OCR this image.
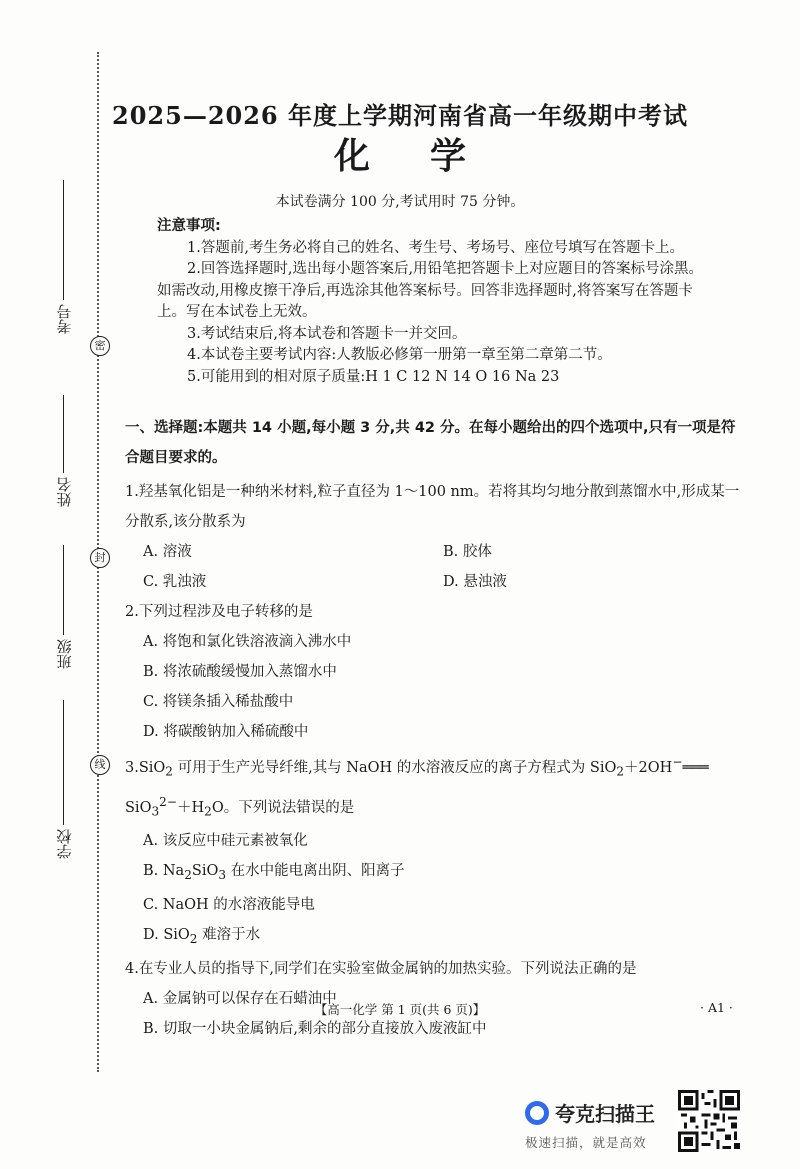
考号
姓名
班级
学校
密
封
线
2025—2026 年度上学期河南省高一年级期中考试
化学
本试卷满分 100 分,考试用时 75 分钟。

注意事项:

1.答题前,考生务必将自己的姓名、考生号、考场号、座位号填写在答题卡上。

2.回答选择题时,选出每小题答案后,用铅笔把答题卡上对应题目的答案标号涂黑。如需改动,用橡皮擦干净后,再选涂其他答案标号。回答非选择题时,将答案写在答题卡上。写在本试卷上无效。

3.考试结束后,将本试卷和答题卡一并交回。

4.本试卷主要考试内容:人教版必修第一册第一章至第二章第二节。

5.可能用到的相对原子质量:H 1 C 12 N 14 O 16 Na 23

一、选择题:本题共 14 小题,每小题 3 分,共 42 分。在每小题给出的四个选项中,只有一项是符合题目要求的。

1.羟基氧化铝是一种纳米材料,粒子直径为 1～100 nm。若将其均匀地分散到蒸馏水中,形成某一分散系,该分散系为

A. 溶液	B. 胶体
C. 乳浊液	D. 悬浊液

2.下列过程涉及电子转移的是

A. 将饱和氯化铁溶液滴入沸水中

B. 将浓硫酸缓慢加入蒸馏水中

C. 将镁条插入稀盐酸中

D. 将碳酸钠加入稀硫酸中

3.SiO$_2$ 可用于生产光导纤维,其与 NaOH 的水溶液反应的离子方程式为 SiO$_2$＋2OH−═══
$SiO_3^{2-}+H_2O$。下列说法错误的是

A. 该反应中硅元素被氧化

B. $Na_2SiO_3$ 在水中能电离出阴、阳离子

C. NaOH 的水溶液能导电

D. SiO$_2$ 难溶于水

4.在专业人员的指导下,同学们在实验室做金属钠的加热实验。下列说法正确的是

A. 金属钠可以保存在石蜡油中

B. 切取一小块金属钠后,剩余的部分直接放入废液缸中

【高一化学 第 1 页(共 6 页)】	· A1 ·
夸克扫描王
极速扫描，就是高效
